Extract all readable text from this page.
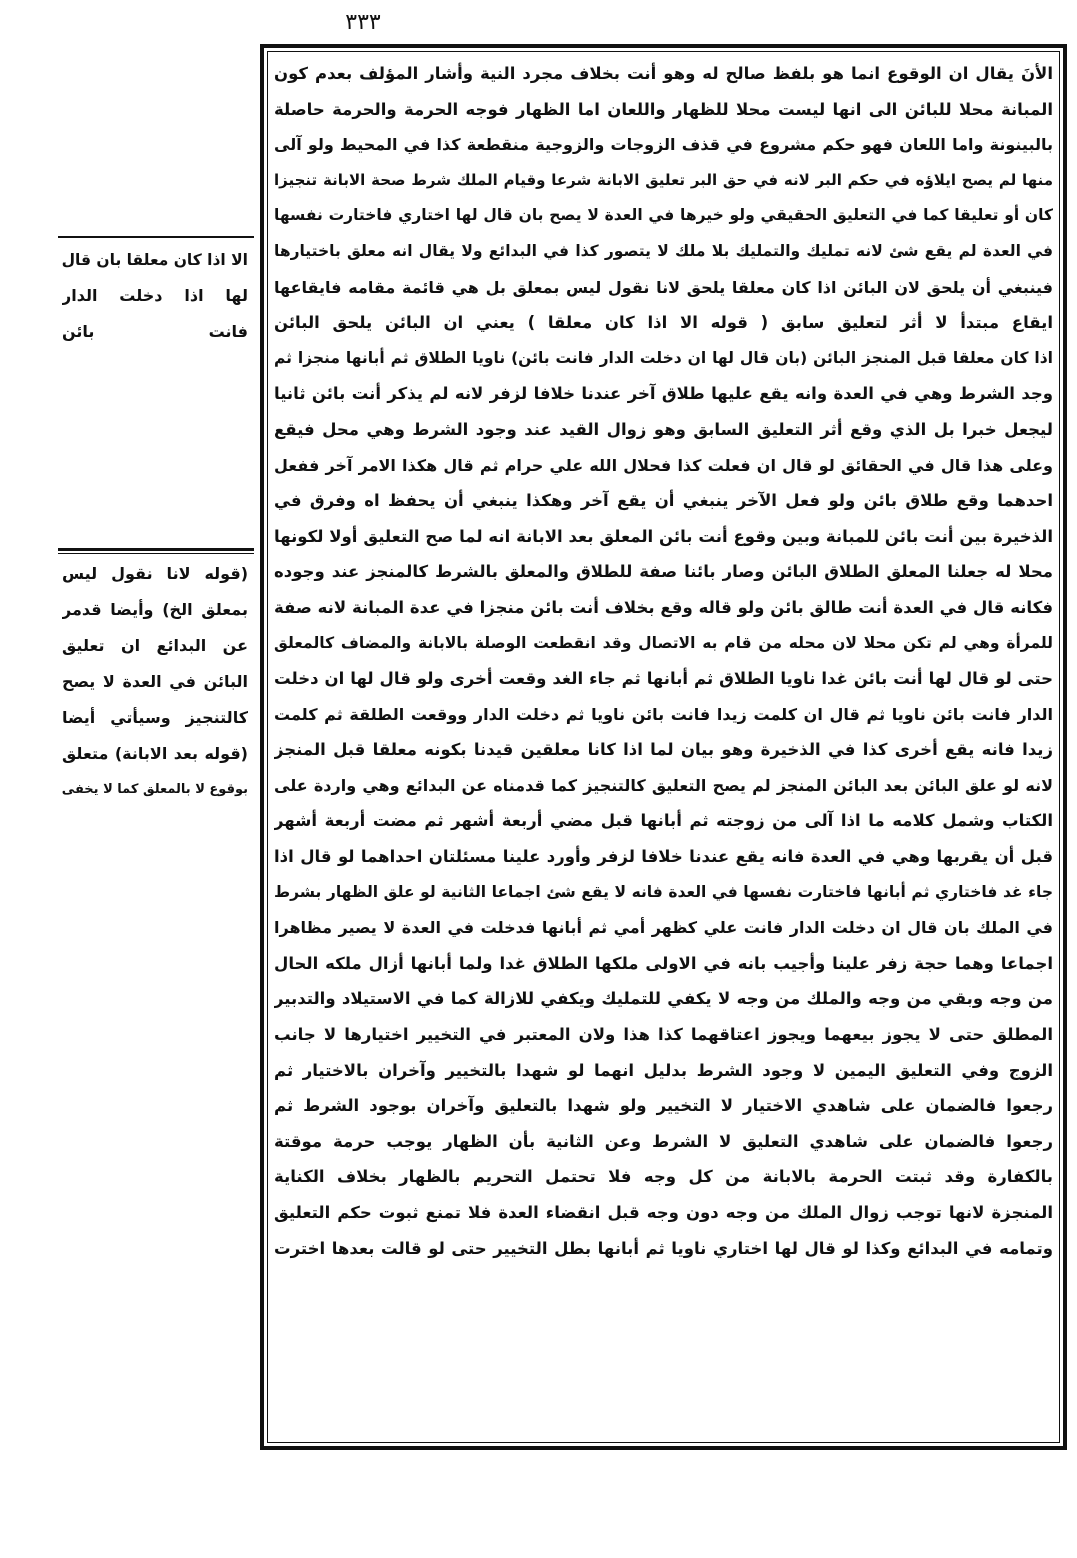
٣٣٣
الا اذا كان معلقا بان قال
لها اذا دخلت الدار
فانت بائن
(قوله لانا نقول ليس
بمعلق الخ) وأيضا قدمر
عن البدائع ان تعليق
البائن في العدة لا يصح
كالتنجيز وسيأتي أيضا
(قوله بعد الابانة) متعلق
بوقوع لا بالمعلق كما لا يخفى
الأنَ يقال ان الوقوع انما هو بلفظ صالح له وهو أنت بخلاف مجرد النية وأشار المؤلف بعدم كون
المبانة محلا للبائن الى انها ليست محلا للظهار واللعان اما الظهار فوجه الحرمة والحرمة حاصلة
بالبينونة واما اللعان فهو حكم مشروع في قذف الزوجات والزوجية منقطعة كذا في المحيط ولو آلى
منها لم يصح ايلاؤه في حكم البر لانه في حق البر تعليق الابانة شرعا وقيام الملك شرط صحة الابانة تنجيزا
كان أو تعليقا كما في التعليق الحقيقي ولو خيرها في العدة لا يصح بان قال لها اختاري فاختارت نفسها
في العدة لم يقع شئ لانه تمليك والتمليك بلا ملك لا يتصور كذا في البدائع ولا يقال انه معلق باختيارها
فينبغي أن يلحق لان البائن اذا كان معلقا يلحق لانا نقول ليس بمعلق بل هي قائمة مقامه فايقاعها
ايقاع مبتدأ لا أثر لتعليق سابق ( قوله الا اذا كان معلقا ) يعني ان البائن يلحق البائن
اذا كان معلقا قبل المنجز البائن (بان قال لها ان دخلت الدار فانت بائن) ناويا الطلاق ثم أبانها منجزا ثم
وجد الشرط وهي في العدة وانه يقع عليها طلاق آخر عندنا خلافا لزفر لانه لم يذكر أنت بائن ثانيا
ليجعل خبرا بل الذي وقع أثر التعليق السابق وهو زوال القيد عند وجود الشرط وهي محل فيقع
وعلى هذا قال في الحقائق لو قال ان فعلت كذا فحلال الله علي حرام ثم قال هكذا الامر آخر ففعل
احدهما وقع طلاق بائن ولو فعل الآخر ينبغي أن يقع آخر وهكذا ينبغي أن يحفظ اه وفرق في
الذخيرة بين أنت بائن للمبانة وبين وقوع أنت بائن المعلق بعد الابانة انه لما صح التعليق أولا لكونها
محلا له جعلنا المعلق الطلاق البائن وصار بائنا صفة للطلاق والمعلق بالشرط كالمنجز عند وجوده
فكانه قال في العدة أنت طالق بائن ولو قاله وقع بخلاف أنت بائن منجزا في عدة المبانة لانه صفة
للمرأة وهي لم تكن محلا لان محله من قام به الاتصال وقد انقطعت الوصلة بالابانة والمضاف كالمعلق
حتى لو قال لها أنت بائن غدا ناويا الطلاق ثم أبانها ثم جاء الغد وقعت أخرى ولو قال لها ان دخلت
الدار فانت بائن ناويا ثم قال ان كلمت زيدا فانت بائن ناويا ثم دخلت الدار ووقعت الطلقة ثم كلمت
زيدا فانه يقع أخرى كذا في الذخيرة وهو بيان لما اذا كانا معلقين قيدنا بكونه معلقا قبل المنجز
لانه لو علق البائن بعد البائن المنجز لم يصح التعليق كالتنجيز كما قدمناه عن البدائع وهي واردة على
الكتاب وشمل كلامه ما اذا آلى من زوجته ثم أبانها قبل مضي أربعة أشهر ثم مضت أربعة أشهر
قبل أن يقربها وهي في العدة فانه يقع عندنا خلافا لزفر وأورد علينا مسئلتان احداهما لو قال اذا
جاء غد فاختاري ثم أبانها فاختارت نفسها في العدة فانه لا يقع شئ اجماعا الثانية لو علق الظهار بشرط
في الملك بان قال ان دخلت الدار فانت علي كظهر أمي ثم أبانها فدخلت في العدة لا يصير مظاهرا
اجماعا وهما حجة زفر علينا وأجيب بانه في الاولى ملكها الطلاق غدا ولما أبانها أزال ملكه الحال
من وجه وبقي من وجه والملك من وجه لا يكفي للتمليك ويكفي للازالة كما في الاستيلاد والتدبير
المطلق حتى لا يجوز بيعهما ويجوز اعتاقهما كذا هذا ولان المعتبر في التخيير اختيارها لا جانب
الزوج وفي التعليق اليمين لا وجود الشرط بدليل انهما لو شهدا بالتخيير وآخران بالاختيار ثم
رجعوا فالضمان على شاهدي الاختيار لا التخيير ولو شهدا بالتعليق وآخران بوجود الشرط ثم
رجعوا فالضمان على شاهدي التعليق لا الشرط وعن الثانية بأن الظهار يوجب حرمة موقتة
بالكفارة وقد ثبتت الحرمة بالابانة من كل وجه فلا تحتمل التحريم بالظهار بخلاف الكناية
المنجزة لانها توجب زوال الملك من وجه دون وجه قبل انقضاء العدة فلا تمنع ثبوت حكم التعليق
وتمامه في البدائع وكذا لو قال لها اختاري ناويا ثم أبانها بطل التخيير حتى لو قالت بعدها اخترت
